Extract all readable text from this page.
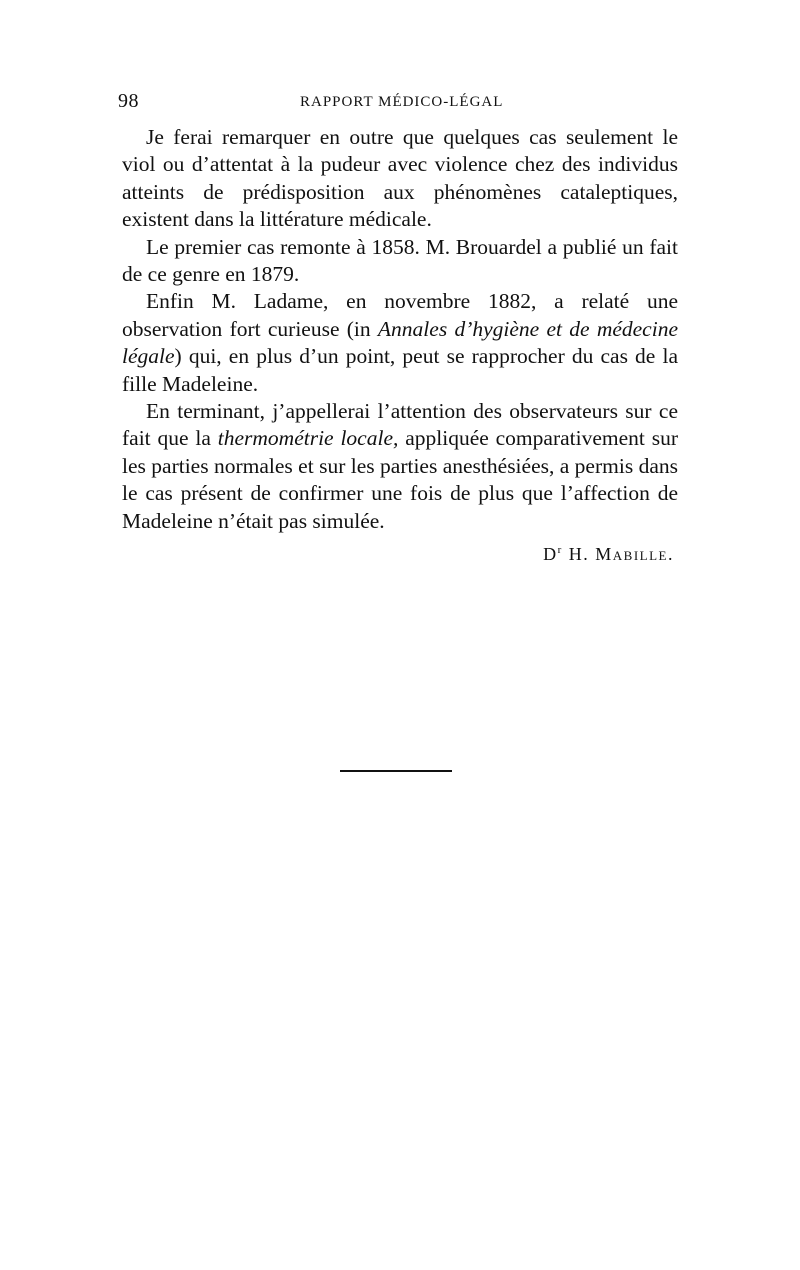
98	RAPPORT MÉDICO-LÉGAL

Je ferai remarquer en outre que quelques cas seulement le viol ou d’attentat à la pudeur avec violence chez des individus atteints de prédisposition aux phénomènes cataleptiques, existent dans la littérature médicale.

Le premier cas remonte à 1858. M. Brouardel a publié un fait de ce genre en 1879.

Enfin M. Ladame, en novembre 1882, a relaté une observation fort curieuse (in Annales d’hygiène et de médecine légale) qui, en plus d’un point, peut se rapprocher du cas de la fille Madeleine.

En terminant, j’appellerai l’attention des observateurs sur ce fait que la thermométrie locale, appliquée comparativement sur les parties normales et sur les parties anesthésiées, a permis dans le cas présent de confirmer une fois de plus que l’affection de Madeleine n’était pas simulée.

$D^r$ H. Mabille.
